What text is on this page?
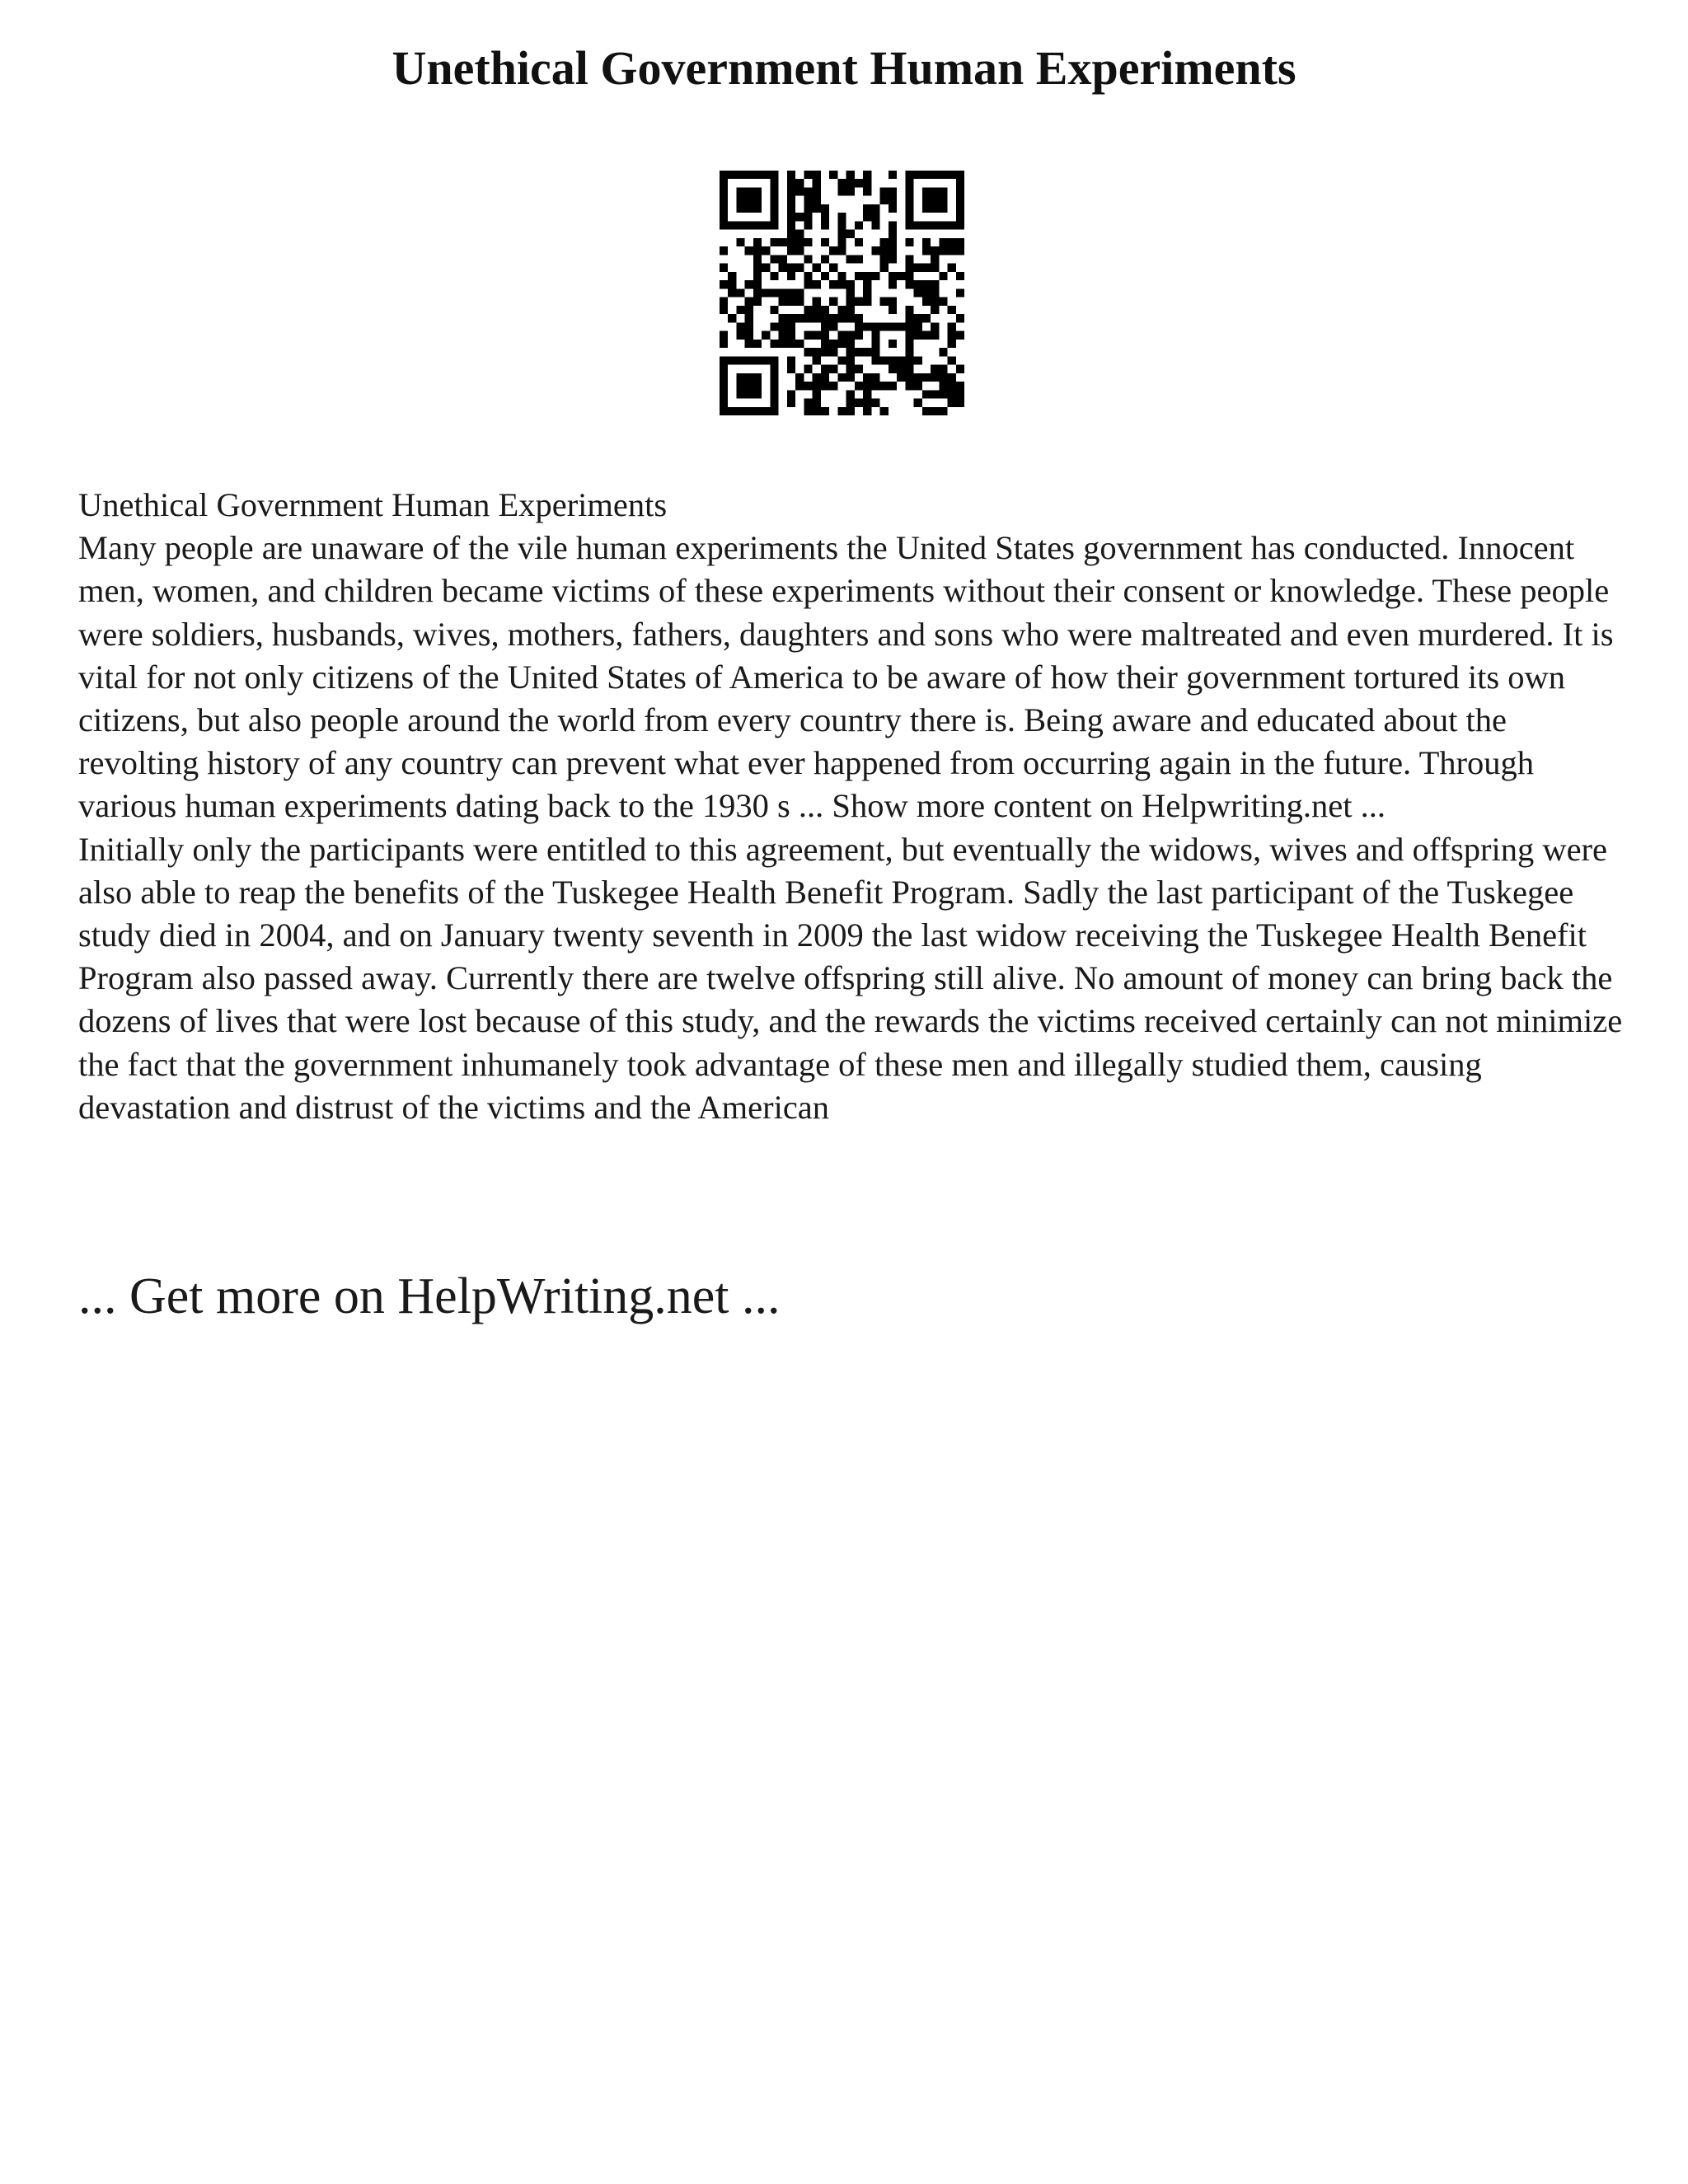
Unethical Government Human Experiments

Unethical Government Human Experiments

Many people are unaware of the vile human experiments the United States government has conducted. Innocent men, women, and children became victims of these experiments without their consent or knowledge. These people were soldiers, husbands, wives, mothers, fathers, daughters and sons who were maltreated and even murdered. It is vital for not only citizens of the United States of America to be aware of how their government tortured its own citizens, but also people around the world from every country there is. Being aware and educated about the revolting history of any country can prevent what ever happened from occurring again in the future. Through various human experiments dating back to the 1930 s ... Show more content on Helpwriting.net ...

Initially only the participants were entitled to this agreement, but eventually the widows, wives and offspring were also able to reap the benefits of the Tuskegee Health Benefit Program. Sadly the last participant of the Tuskegee study died in 2004, and on January twenty seventh in 2009 the last widow receiving the Tuskegee Health Benefit Program also passed away. Currently there are twelve offspring still alive. No amount of money can bring back the dozens of lives that were lost because of this study, and the rewards the victims received certainly can not minimize the fact that the government inhumanely took advantage of these men and illegally studied them, causing devastation and distrust of the victims and the American

... Get more on HelpWriting.net ...
